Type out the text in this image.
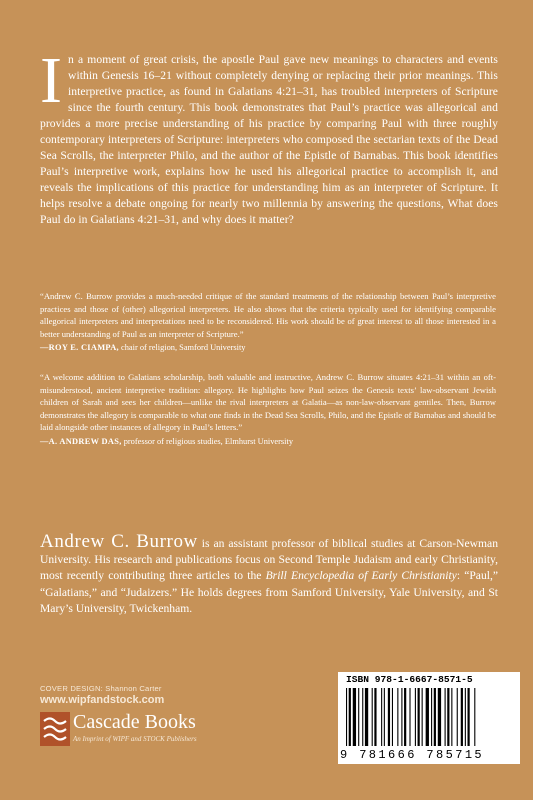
In a moment of great crisis, the apostle Paul gave new meanings to characters and events within Genesis 16–21 without completely denying or replacing their prior meanings. This interpretive practice, as found in Galatians 4:21–31, has troubled interpreters of Scripture since the fourth century. This book demonstrates that Paul’s practice was allegorical and provides a more precise understanding of his practice by comparing Paul with three roughly contemporary interpreters of Scripture: interpreters who composed the sectarian texts of the Dead Sea Scrolls, the interpreter Philo, and the author of the Epistle of Barnabas. This book identifies Paul’s interpretive work, explains how he used his allegorical practice to accomplish it, and reveals the implications of this practice for understanding him as an interpreter of Scripture. It helps resolve a debate ongoing for nearly two millennia by answering the questions, What does Paul do in Galatians 4:21–31, and why does it matter?
“Andrew C. Burrow provides a much-needed critique of the standard treatments of the relationship between Paul’s interpretive practices and those of (other) allegorical interpreters. He also shows that the criteria typically used for identifying comparable allegorical interpreters and interpretations need to be reconsidered. His work should be of great interest to all those interested in a better understanding of Paul as an interpreter of Scripture.”
—ROY E. CIAMPA, chair of religion, Samford University
“A welcome addition to Galatians scholarship, both valuable and instructive, Andrew C. Burrow situates 4:21–31 within an oft-misunderstood, ancient interpretive tradition: allegory. He highlights how Paul seizes the Genesis texts’ law-observant Jewish children of Sarah and sees her children—unlike the rival interpreters at Galatia—as non-law-observant gentiles. Then, Burrow demonstrates the allegory is comparable to what one finds in the Dead Sea Scrolls, Philo, and the Epistle of Barnabas and should be laid alongside other instances of allegory in Paul’s letters.”
—A. ANDREW DAS, professor of religious studies, Elmhurst University
Andrew C. Burrow is an assistant professor of biblical studies at Carson-Newman University. His research and publications focus on Second Temple Judaism and early Christianity, most recently contributing three articles to the Brill Encyclopedia of Early Christianity: “Paul,” “Galatians,” and “Judaizers.” He holds degrees from Samford University, Yale University, and St Mary’s University, Twickenham.
COVER DESIGN: Shannon Carter
www.wipfandstock.com
Cascade Books
An Imprint of WIPF and STOCK Publishers
ISBN 978-1-6667-8571-5
9 781666 785715
